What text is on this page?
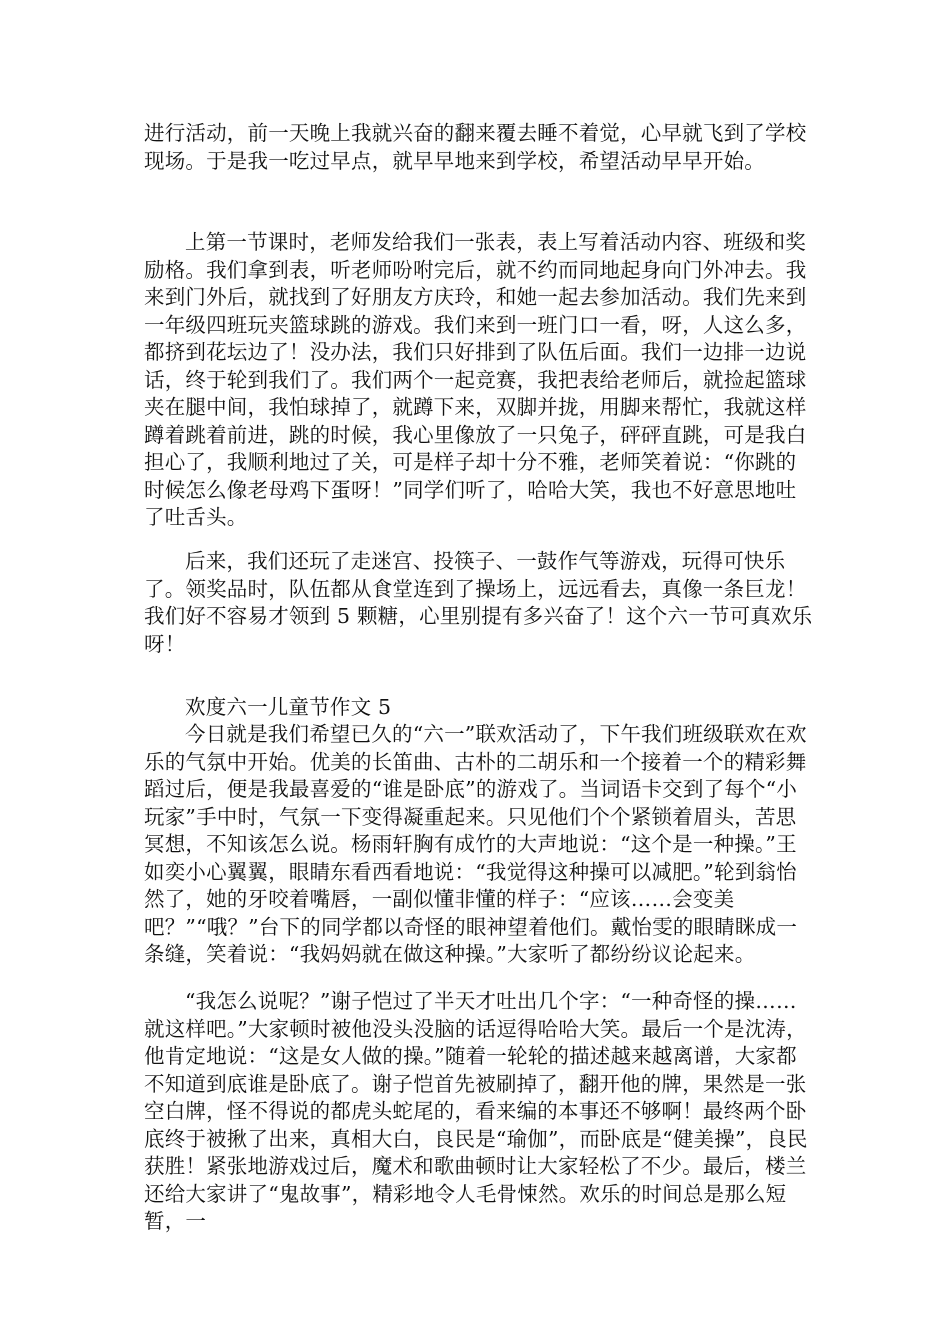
进行活动，前一天晚上我就兴奋的翻来覆去睡不着觉，心早就飞到了学校现场。于是我一吃过早点，就早早地来到学校，希望活动早早开始。

上第一节课时，老师发给我们一张表，表上写着活动内容、班级和奖励格。我们拿到表，听老师吩咐完后，就不约而同地起身向门外冲去。我来到门外后，就找到了好朋友方庆玲，和她一起去参加活动。我们先来到一年级四班玩夹篮球跳的游戏。我们来到一班门口一看，呀，人这么多，都挤到花坛边了！没办法，我们只好排到了队伍后面。我们一边排一边说话，终于轮到我们了。我们两个一起竞赛，我把表给老师后，就捡起篮球夹在腿中间，我怕球掉了，就蹲下来，双脚并拢，用脚来帮忙，我就这样蹲着跳着前进，跳的时候，我心里像放了一只兔子，砰砰直跳，可是我白担心了，我顺利地过了关，可是样子却十分不雅，老师笑着说：“你跳的时候怎么像老母鸡下蛋呀！”同学们听了，哈哈大笑，我也不好意思地吐了吐舌头。

后来，我们还玩了走迷宫、投筷子、一鼓作气等游戏，玩得可快乐了。领奖品时，队伍都从食堂连到了操场上，远远看去，真像一条巨龙！我们好不容易才领到 5 颗糖，心里别提有多兴奋了！这个六一节可真欢乐呀！

欢度六一儿童节作文 5

今日就是我们希望已久的“六一”联欢活动了，下午我们班级联欢在欢乐的气氛中开始。优美的长笛曲、古朴的二胡乐和一个接着一个的精彩舞蹈过后，便是我最喜爱的“谁是卧底”的游戏了。当词语卡交到了每个“小玩家”手中时，气氛一下变得凝重起来。只见他们个个紧锁着眉头，苦思冥想，不知该怎么说。杨雨轩胸有成竹的大声地说：“这个是一种操。”王如奕小心翼翼，眼睛东看西看地说：“我觉得这种操可以减肥。”轮到翁怡然了，她的牙咬着嘴唇，一副似懂非懂的样子：“应该……会变美吧？”“哦？”台下的同学都以奇怪的眼神望着他们。戴怡雯的眼睛眯成一条缝，笑着说：“我妈妈就在做这种操。”大家听了都纷纷议论起来。

“我怎么说呢？”谢子恺过了半天才吐出几个字：“一种奇怪的操……就这样吧。”大家顿时被他没头没脑的话逗得哈哈大笑。最后一个是沈涛，他肯定地说：“这是女人做的操。”随着一轮轮的描述越来越离谱，大家都不知道到底谁是卧底了。谢子恺首先被刷掉了，翻开他的牌，果然是一张空白牌，怪不得说的都虎头蛇尾的，看来编的本事还不够啊！最终两个卧底终于被揪了出来，真相大白，良民是“瑜伽”，而卧底是“健美操”，良民获胜！紧张地游戏过后，魔术和歌曲顿时让大家轻松了不少。最后，楼兰还给大家讲了“鬼故事”，精彩地令人毛骨悚然。欢乐的时间总是那么短暂，一
